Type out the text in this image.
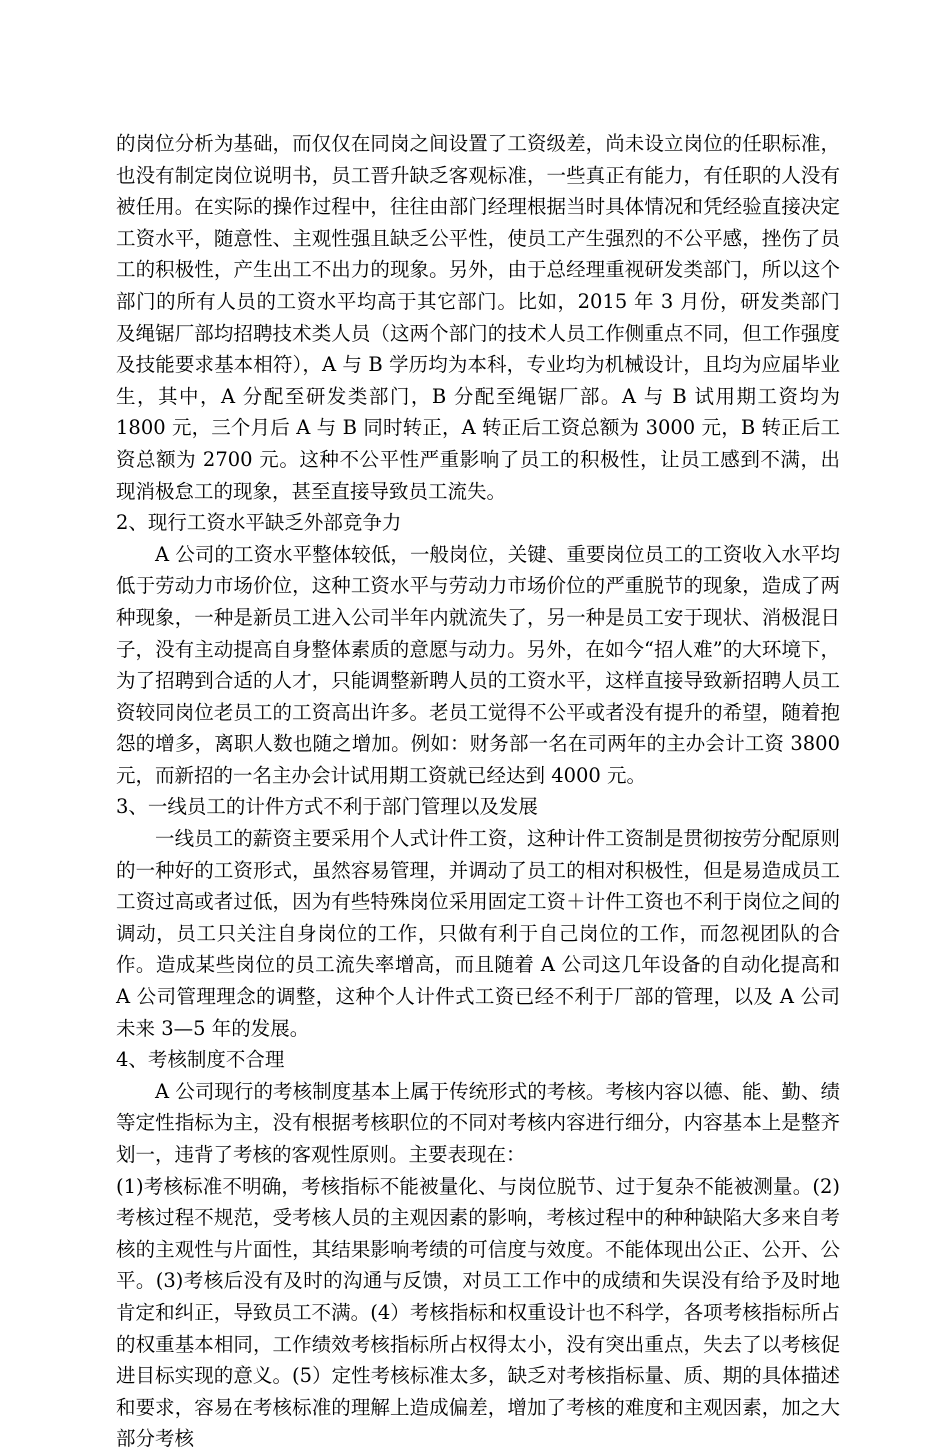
的岗位分析为基础，而仅仅在同岗之间设置了工资级差，尚未设立岗位的任职标准，也没有制定岗位说明书，员工晋升缺乏客观标准，一些真正有能力，有任职的人没有被任用。在实际的操作过程中，往往由部门经理根据当时具体情况和凭经验直接决定工资水平，随意性、主观性强且缺乏公平性，使员工产生强烈的不公平感，挫伤了员工的积极性，产生出工不出力的现象。另外，由于总经理重视研发类部门，所以这个部门的所有人员的工资水平均高于其它部门。比如，2015 年 3 月份，研发类部门及绳锯厂部均招聘技术类人员（这两个部门的技术人员工作侧重点不同，但工作强度及技能要求基本相符），A 与 B 学历均为本科，专业均为机械设计，且均为应届毕业生，其中，A 分配至研发类部门，B 分配至绳锯厂部。A 与 B 试用期工资均为 1800 元，三个月后 A 与 B 同时转正，A 转正后工资总额为 3000 元，B 转正后工资总额为 2700 元。这种不公平性严重影响了员工的积极性，让员工感到不满，出现消极怠工的现象，甚至直接导致员工流失。

2、现行工资水平缺乏外部竞争力

A 公司的工资水平整体较低，一般岗位，关键、重要岗位员工的工资收入水平均低于劳动力市场价位，这种工资水平与劳动力市场价位的严重脱节的现象，造成了两种现象，一种是新员工进入公司半年内就流失了，另一种是员工安于现状、消极混日子，没有主动提高自身整体素质的意愿与动力。另外，在如今“招人难”的大环境下，为了招聘到合适的人才，只能调整新聘人员的工资水平，这样直接导致新招聘人员工资较同岗位老员工的工资高出许多。老员工觉得不公平或者没有提升的希望，随着抱怨的增多，离职人数也随之增加。例如：财务部一名在司两年的主办会计工资 3800 元，而新招的一名主办会计试用期工资就已经达到 4000 元。

3、一线员工的计件方式不利于部门管理以及发展

一线员工的薪资主要采用个人式计件工资，这种计件工资制是贯彻按劳分配原则的一种好的工资形式，虽然容易管理，并调动了员工的相对积极性，但是易造成员工工资过高或者过低，因为有些特殊岗位采用固定工资＋计件工资也不利于岗位之间的调动，员工只关注自身岗位的工作，只做有利于自己岗位的工作，而忽视团队的合作。造成某些岗位的员工流失率增高，而且随着 A 公司这几年设备的自动化提高和 A 公司管理理念的调整，这种个人计件式工资已经不利于厂部的管理，以及 A 公司未来 3—5 年的发展。

4、考核制度不合理

A 公司现行的考核制度基本上属于传统形式的考核。考核内容以德、能、勤、绩等定性指标为主，没有根据考核职位的不同对考核内容进行细分，内容基本上是整齐划一，违背了考核的客观性原则。主要表现在：

(1)考核标准不明确，考核指标不能被量化、与岗位脱节、过于复杂不能被测量。(2)考核过程不规范，受考核人员的主观因素的影响，考核过程中的种种缺陷大多来自考核的主观性与片面性，其结果影响考绩的可信度与效度。不能体现出公正、公开、公平。(3)考核后没有及时的沟通与反馈，对员工工作中的成绩和失误没有给予及时地肯定和纠正，导致员工不满。(4）考核指标和权重设计也不科学，各项考核指标所占的权重基本相同，工作绩效考核指标所占权得太小，没有突出重点，失去了以考核促进目标实现的意义。(5）定性考核标准太多，缺乏对考核指标量、质、期的具体描述和要求，容易在考核标准的理解上造成偏差，增加了考核的难度和主观因素，加之大部分考核
